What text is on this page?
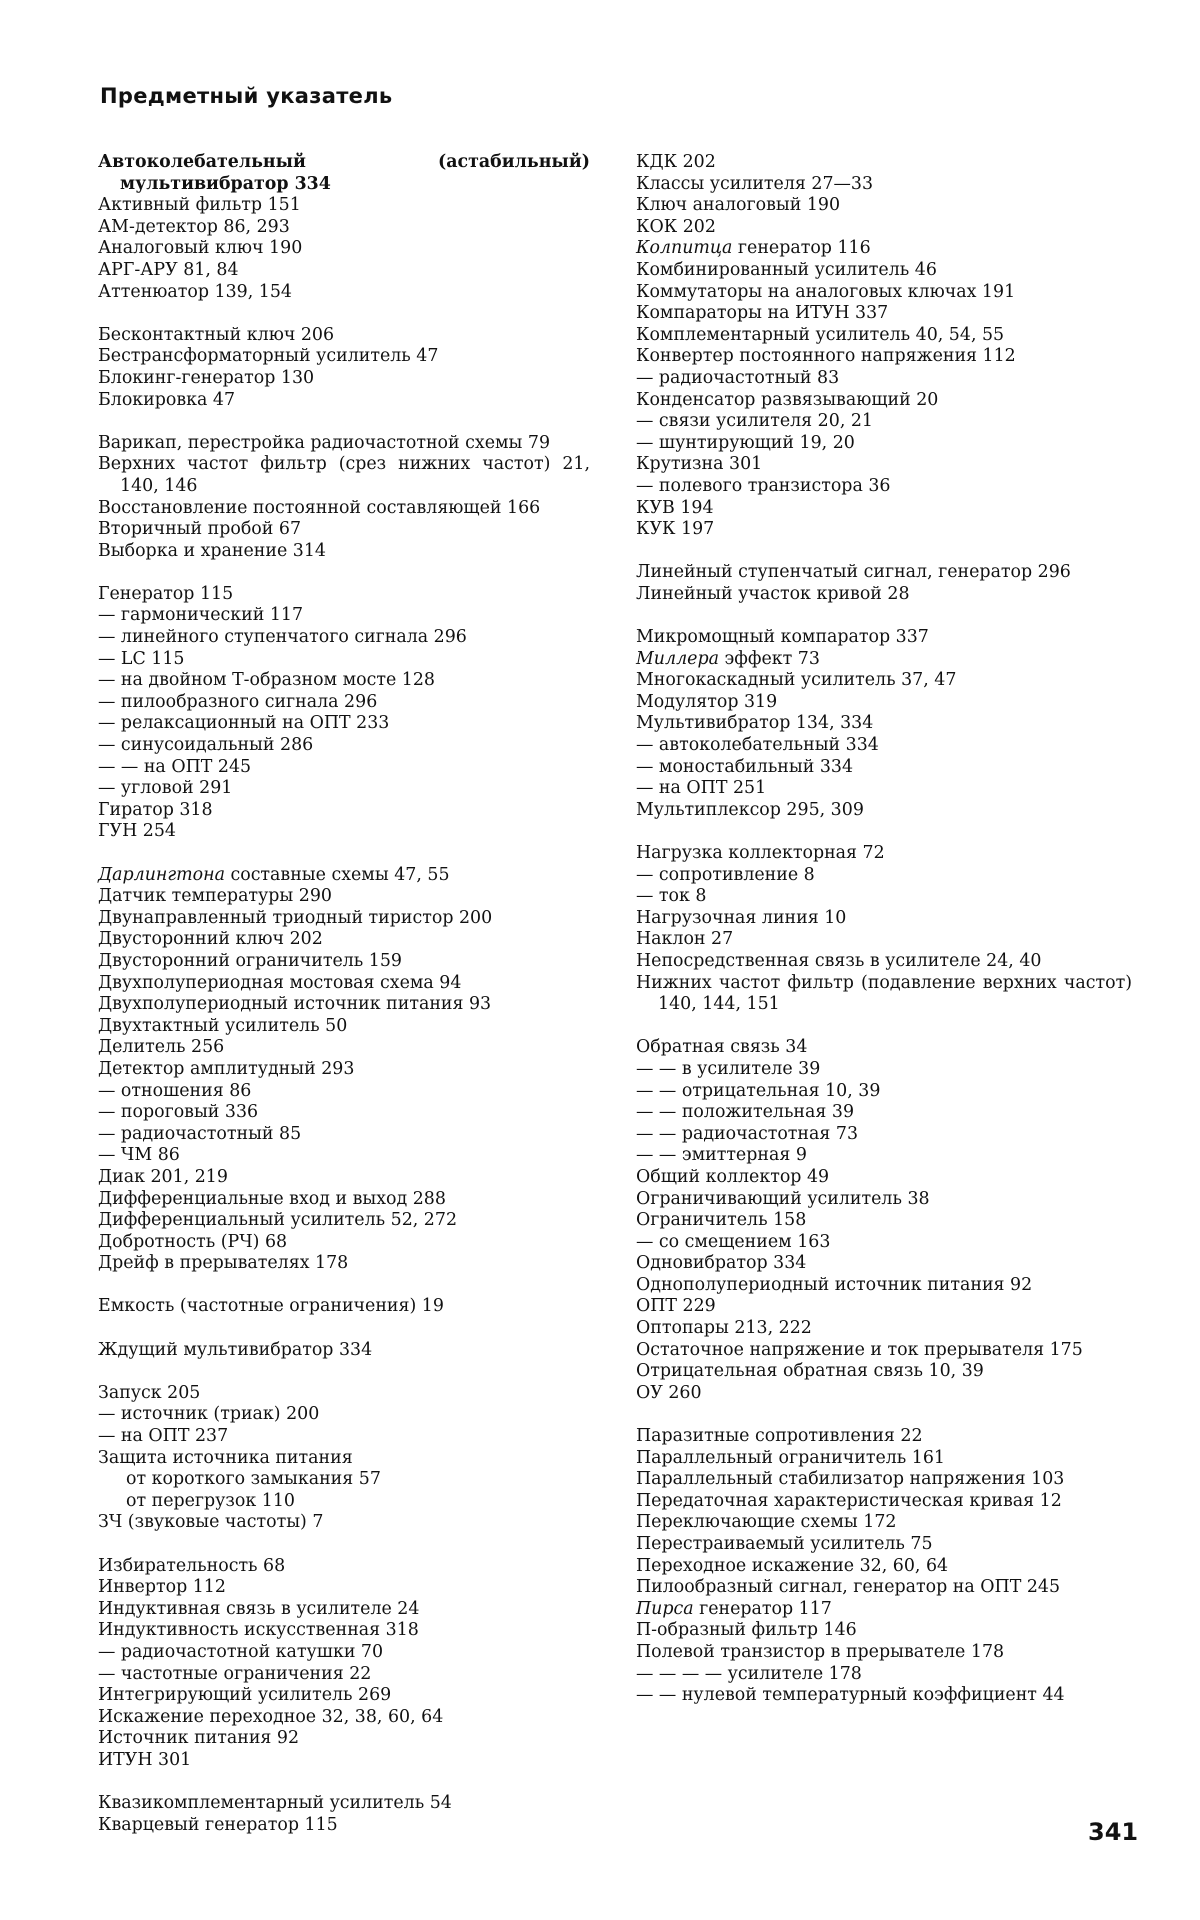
Предметный указатель
Автоколебательный (астабильный) мультивибратор 334
Активный фильтр 151
АМ-детектор 86, 293
Аналоговый ключ 190
АРГ-АРУ 81, 84
Аттенюатор 139, 154
Бесконтактный ключ 206
Бестрансформаторный усилитель 47
Блокинг-генератор 130
Блокировка 47
Варикап, перестройка радиочастотной схемы 79
Верхних частот фильтр (срез нижних частот) 21, 140, 146
Восстановление постоянной составляющей 166
Вторичный пробой 67
Выборка и хранение 314
Генератор 115
— гармонический 117
— линейного ступенчатого сигнала 296
— LC 115
— на двойном Т-образном мосте 128
— пилообразного сигнала 296
— релаксационный на ОПТ 233
— синусоидальный 286
— — на ОПТ 245
— угловой 291
Гиратор 318
ГУН 254
Дарлингтона составные схемы 47, 55
Датчик температуры 290
Двунаправленный триодный тиристор 200
Двусторонний ключ 202
Двусторонний ограничитель 159
Двухполупериодная мостовая схема 94
Двухполупериодный источник питания 93
Двухтактный усилитель 50
Делитель 256
Детектор амплитудный 293
— отношения 86
— пороговый 336
— радиочастотный 85
— ЧМ 86
Диак 201, 219
Дифференциальные вход и выход 288
Дифференциальный усилитель 52, 272
Добротность (РЧ) 68
Дрейф в прерывателях 178
Емкость (частотные ограничения) 19
Ждущий мультивибратор 334
Запуск 205
— источник (триак) 200
— на ОПТ 237
Защита источника питания
от короткого замыкания 57
от перегрузок 110
ЗЧ (звуковые частоты) 7
Избирательность 68
Инвертор 112
Индуктивная связь в усилителе 24
Индуктивность искусственная 318
— радиочастотной катушки 70
— частотные ограничения 22
Интегрирующий усилитель 269
Искажение переходное 32, 38, 60, 64
Источник питания 92
ИТУН 301
Квазикомплементарный усилитель 54
Кварцевый генератор 115
КДК 202
Классы усилителя 27—33
Ключ аналоговый 190
КОК 202
Колпитца генератор 116
Комбинированный усилитель 46
Коммутаторы на аналоговых ключах 191
Компараторы на ИТУН 337
Комплементарный усилитель 40, 54, 55
Конвертер постоянного напряжения 112
— радиочастотный 83
Конденсатор развязывающий 20
— связи усилителя 20, 21
— шунтирующий 19, 20
Крутизна 301
— полевого транзистора 36
КУВ 194
КУК 197
Линейный ступенчатый сигнал, генератор 296
Линейный участок кривой 28
Микромощный компаратор 337
Миллера эффект 73
Многокаскадный усилитель 37, 47
Модулятор 319
Мультивибратор 134, 334
— автоколебательный 334
— моностабильный 334
— на ОПТ 251
Мультиплексор 295, 309
Нагрузка коллекторная 72
— сопротивление 8
— ток 8
Нагрузочная линия 10
Наклон 27
Непосредственная связь в усилителе 24, 40
Нижних частот фильтр (подавление верхних частот) 140, 144, 151
Обратная связь 34
— — в усилителе 39
— — отрицательная 10, 39
— — положительная 39
— — радиочастотная 73
— — эмиттерная 9
Общий коллектор 49
Ограничивающий усилитель 38
Ограничитель 158
— со смещением 163
Одновибратор 334
Однополупериодный источник питания 92
ОПТ 229
Оптопары 213, 222
Остаточное напряжение и ток прерывателя 175
Отрицательная обратная связь 10, 39
ОУ 260
Паразитные сопротивления 22
Параллельный ограничитель 161
Параллельный стабилизатор напряжения 103
Передаточная характеристическая кривая 12
Переключающие схемы 172
Перестраиваемый усилитель 75
Переходное искажение 32, 60, 64
Пилообразный сигнал, генератор на ОПТ 245
Пирса генератор 117
П-образный фильтр 146
Полевой транзистор в прерывателе 178
— — — — усилителе 178
— — нулевой температурный коэффициент 44
341
